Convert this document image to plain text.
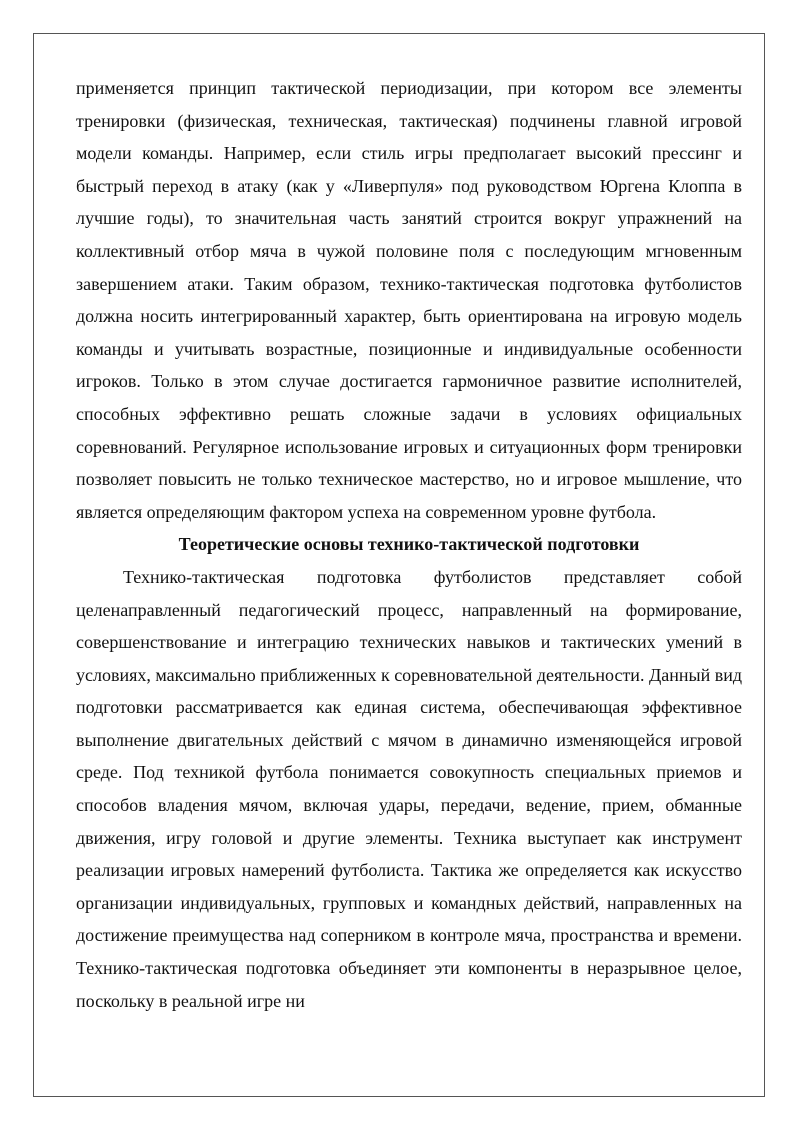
применяется принцип тактической периодизации, при котором все элементы тренировки (физическая, техническая, тактическая) подчинены главной игровой модели команды. Например, если стиль игры предполагает высокий прессинг и быстрый переход в атаку (как у «Ливерпуля» под руководством Юргена Клоппа в лучшие годы), то значительная часть занятий строится вокруг упражнений на коллективный отбор мяча в чужой половине поля с последующим мгновенным завершением атаки. Таким образом, технико-тактическая подготовка футболистов должна носить интегрированный характер, быть ориентирована на игровую модель команды и учитывать возрастные, позиционные и индивидуальные особенности игроков. Только в этом случае достигается гармоничное развитие исполнителей, способных эффективно решать сложные задачи в условиях официальных соревнований. Регулярное использование игровых и ситуационных форм тренировки позволяет повысить не только техническое мастерство, но и игровое мышление, что является определяющим фактором успеха на современном уровне футбола.

Теоретические основы технико-тактической подготовки

Технико-тактическая подготовка футболистов представляет собой целенаправленный педагогический процесс, направленный на формирование, совершенствование и интеграцию технических навыков и тактических умений в условиях, максимально приближенных к соревновательной деятельности. Данный вид подготовки рассматривается как единая система, обеспечивающая эффективное выполнение двигательных действий с мячом в динамично изменяющейся игровой среде. Под техникой футбола понимается совокупность специальных приемов и способов владения мячом, включая удары, передачи, ведение, прием, обманные движения, игру головой и другие элементы. Техника выступает как инструмент реализации игровых намерений футболиста. Тактика же определяется как искусство организации индивидуальных, групповых и командных действий, направленных на достижение преимущества над соперником в контроле мяча, пространства и времени. Технико-тактическая подготовка объединяет эти компоненты в неразрывное целое, поскольку в реальной игре ни
